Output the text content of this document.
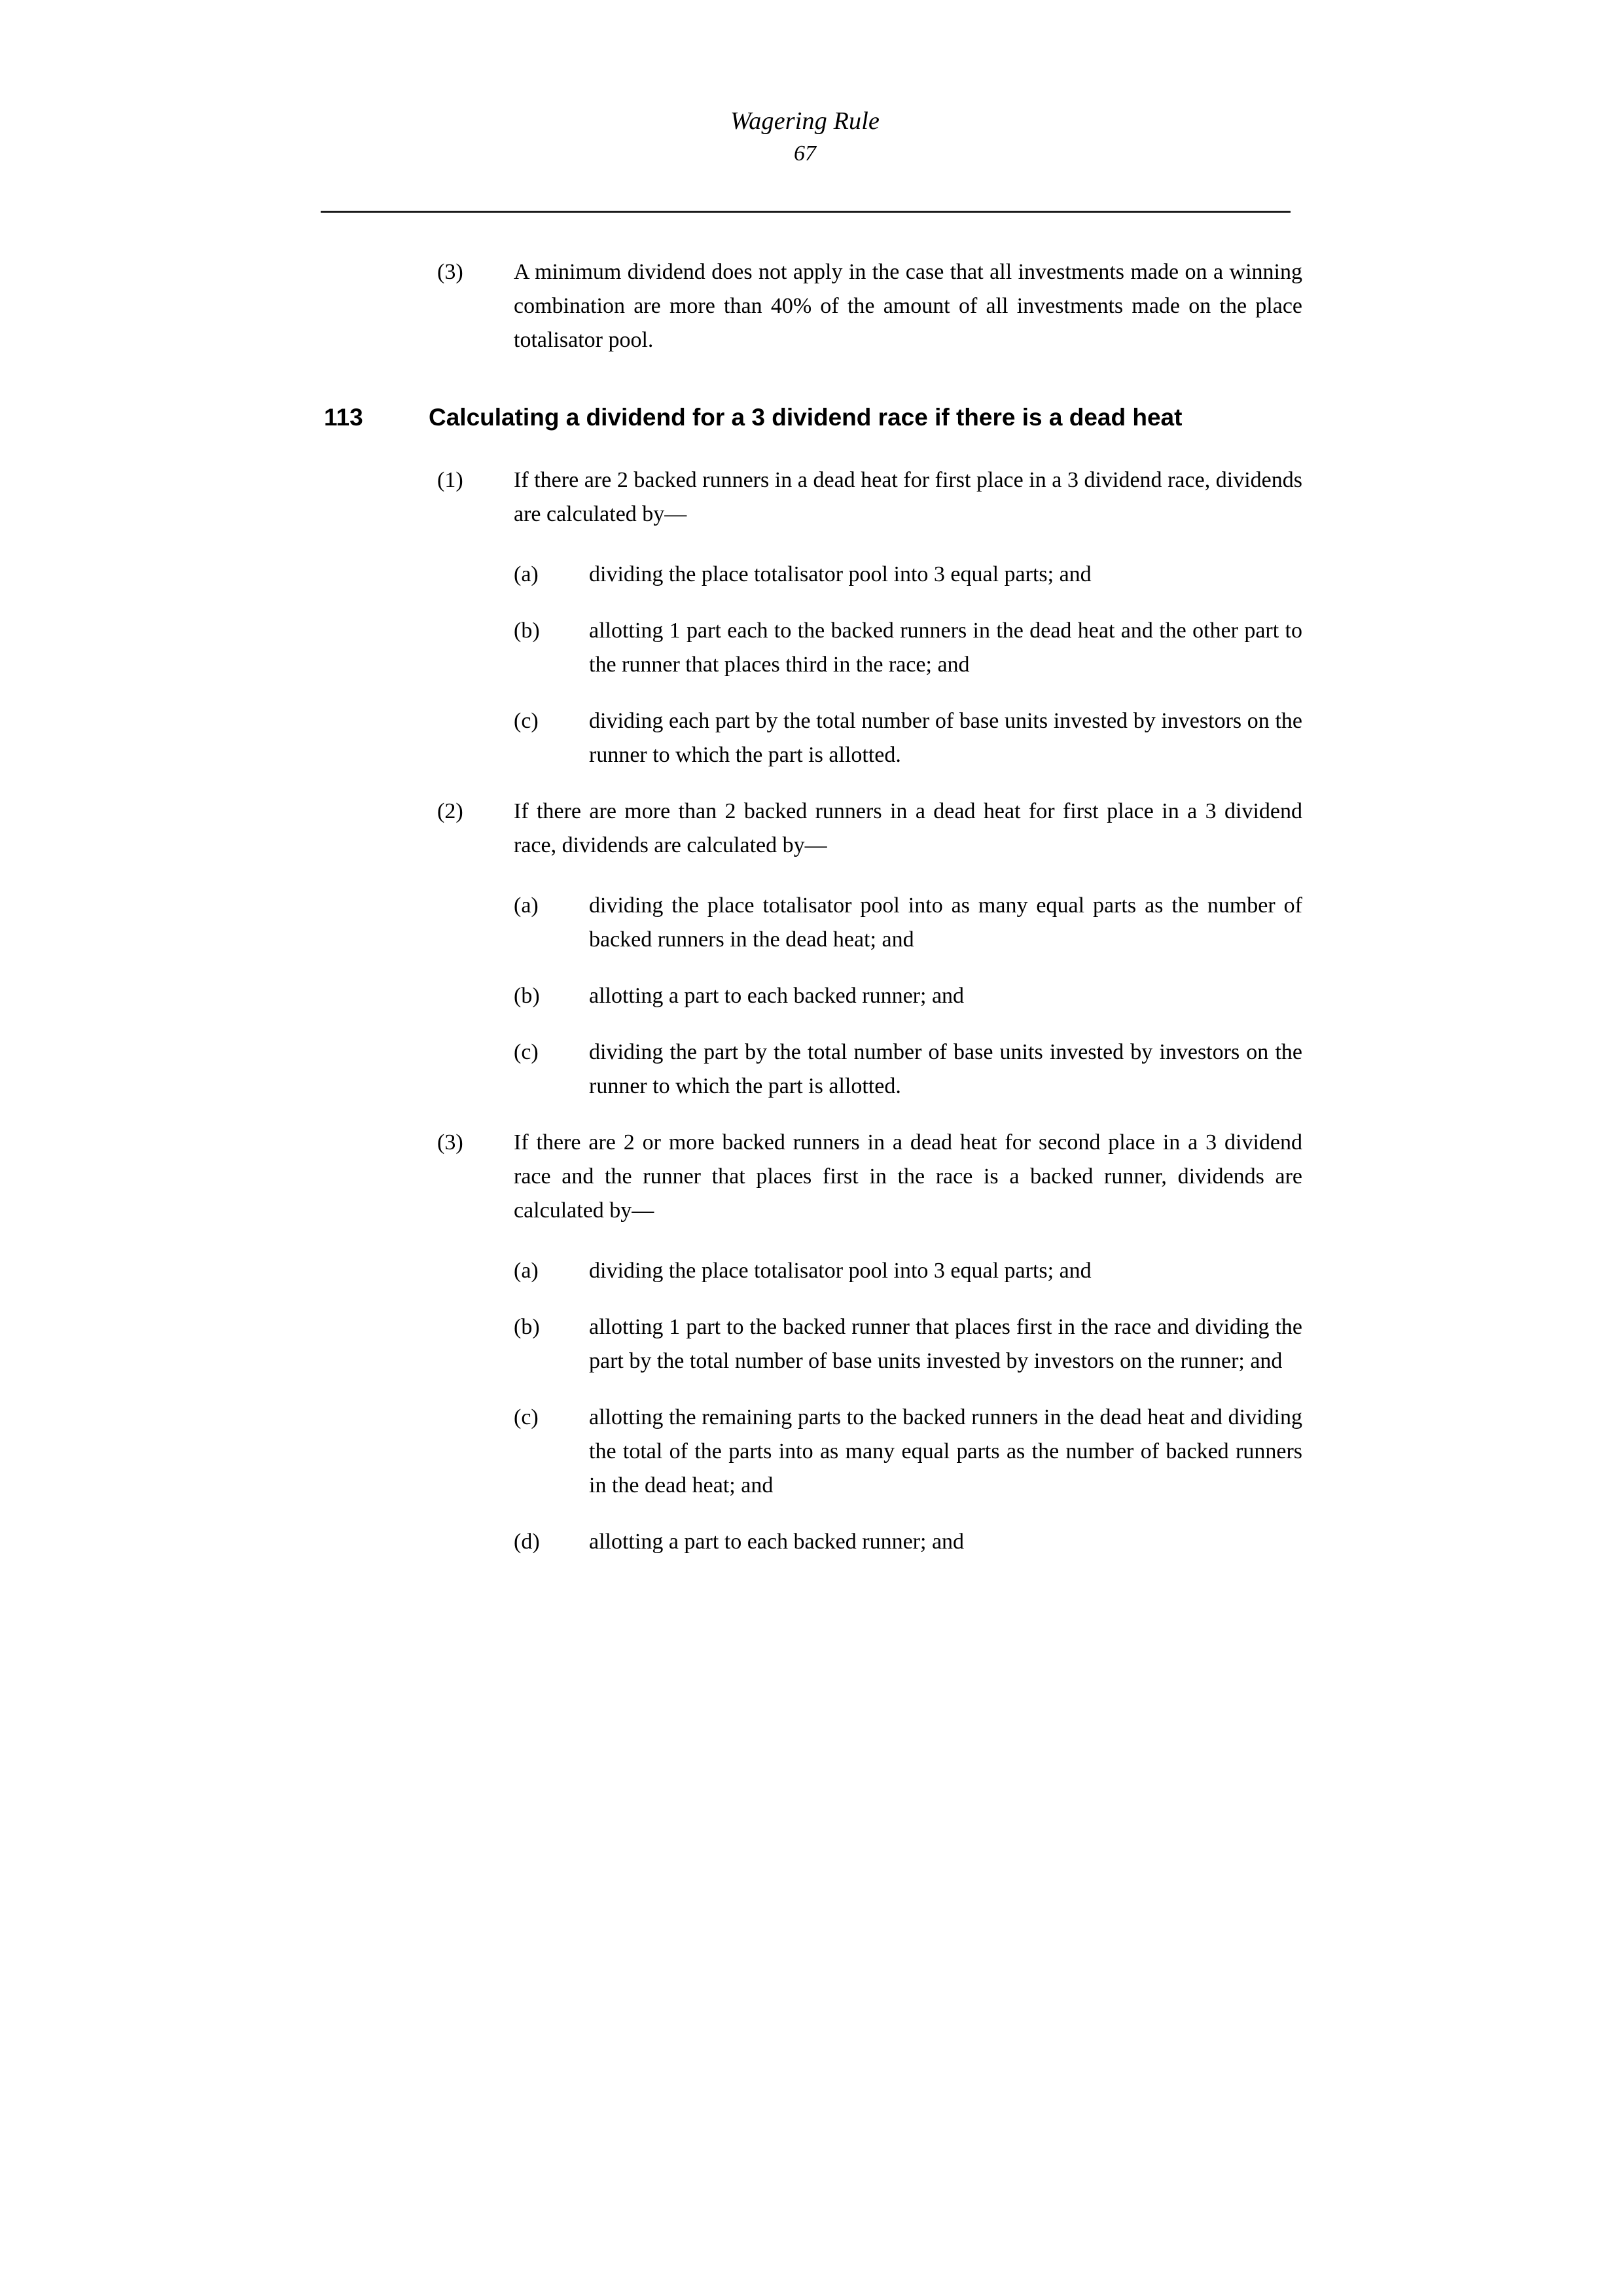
Wagering Rule
67
(3)	A minimum dividend does not apply in the case that all investments made on a winning combination are more than 40% of the amount of all investments made on the place totalisator pool.
113	Calculating a dividend for a 3 dividend race if there is a dead heat
(1)	If there are 2 backed runners in a dead heat for first place in a 3 dividend race, dividends are calculated by—
(a)	dividing the place totalisator pool into 3 equal parts; and
(b)	allotting 1 part each to the backed runners in the dead heat and the other part to the runner that places third in the race; and
(c)	dividing each part by the total number of base units invested by investors on the runner to which the part is allotted.
(2)	If there are more than 2 backed runners in a dead heat for first place in a 3 dividend race, dividends are calculated by—
(a)	dividing the place totalisator pool into as many equal parts as the number of backed runners in the dead heat; and
(b)	allotting a part to each backed runner; and
(c)	dividing the part by the total number of base units invested by investors on the runner to which the part is allotted.
(3)	If there are 2 or more backed runners in a dead heat for second place in a 3 dividend race and the runner that places first in the race is a backed runner, dividends are calculated by—
(a)	dividing the place totalisator pool into 3 equal parts; and
(b)	allotting 1 part to the backed runner that places first in the race and dividing the part by the total number of base units invested by investors on the runner; and
(c)	allotting the remaining parts to the backed runners in the dead heat and dividing the total of the parts into as many equal parts as the number of backed runners in the dead heat; and
(d)	allotting a part to each backed runner; and
